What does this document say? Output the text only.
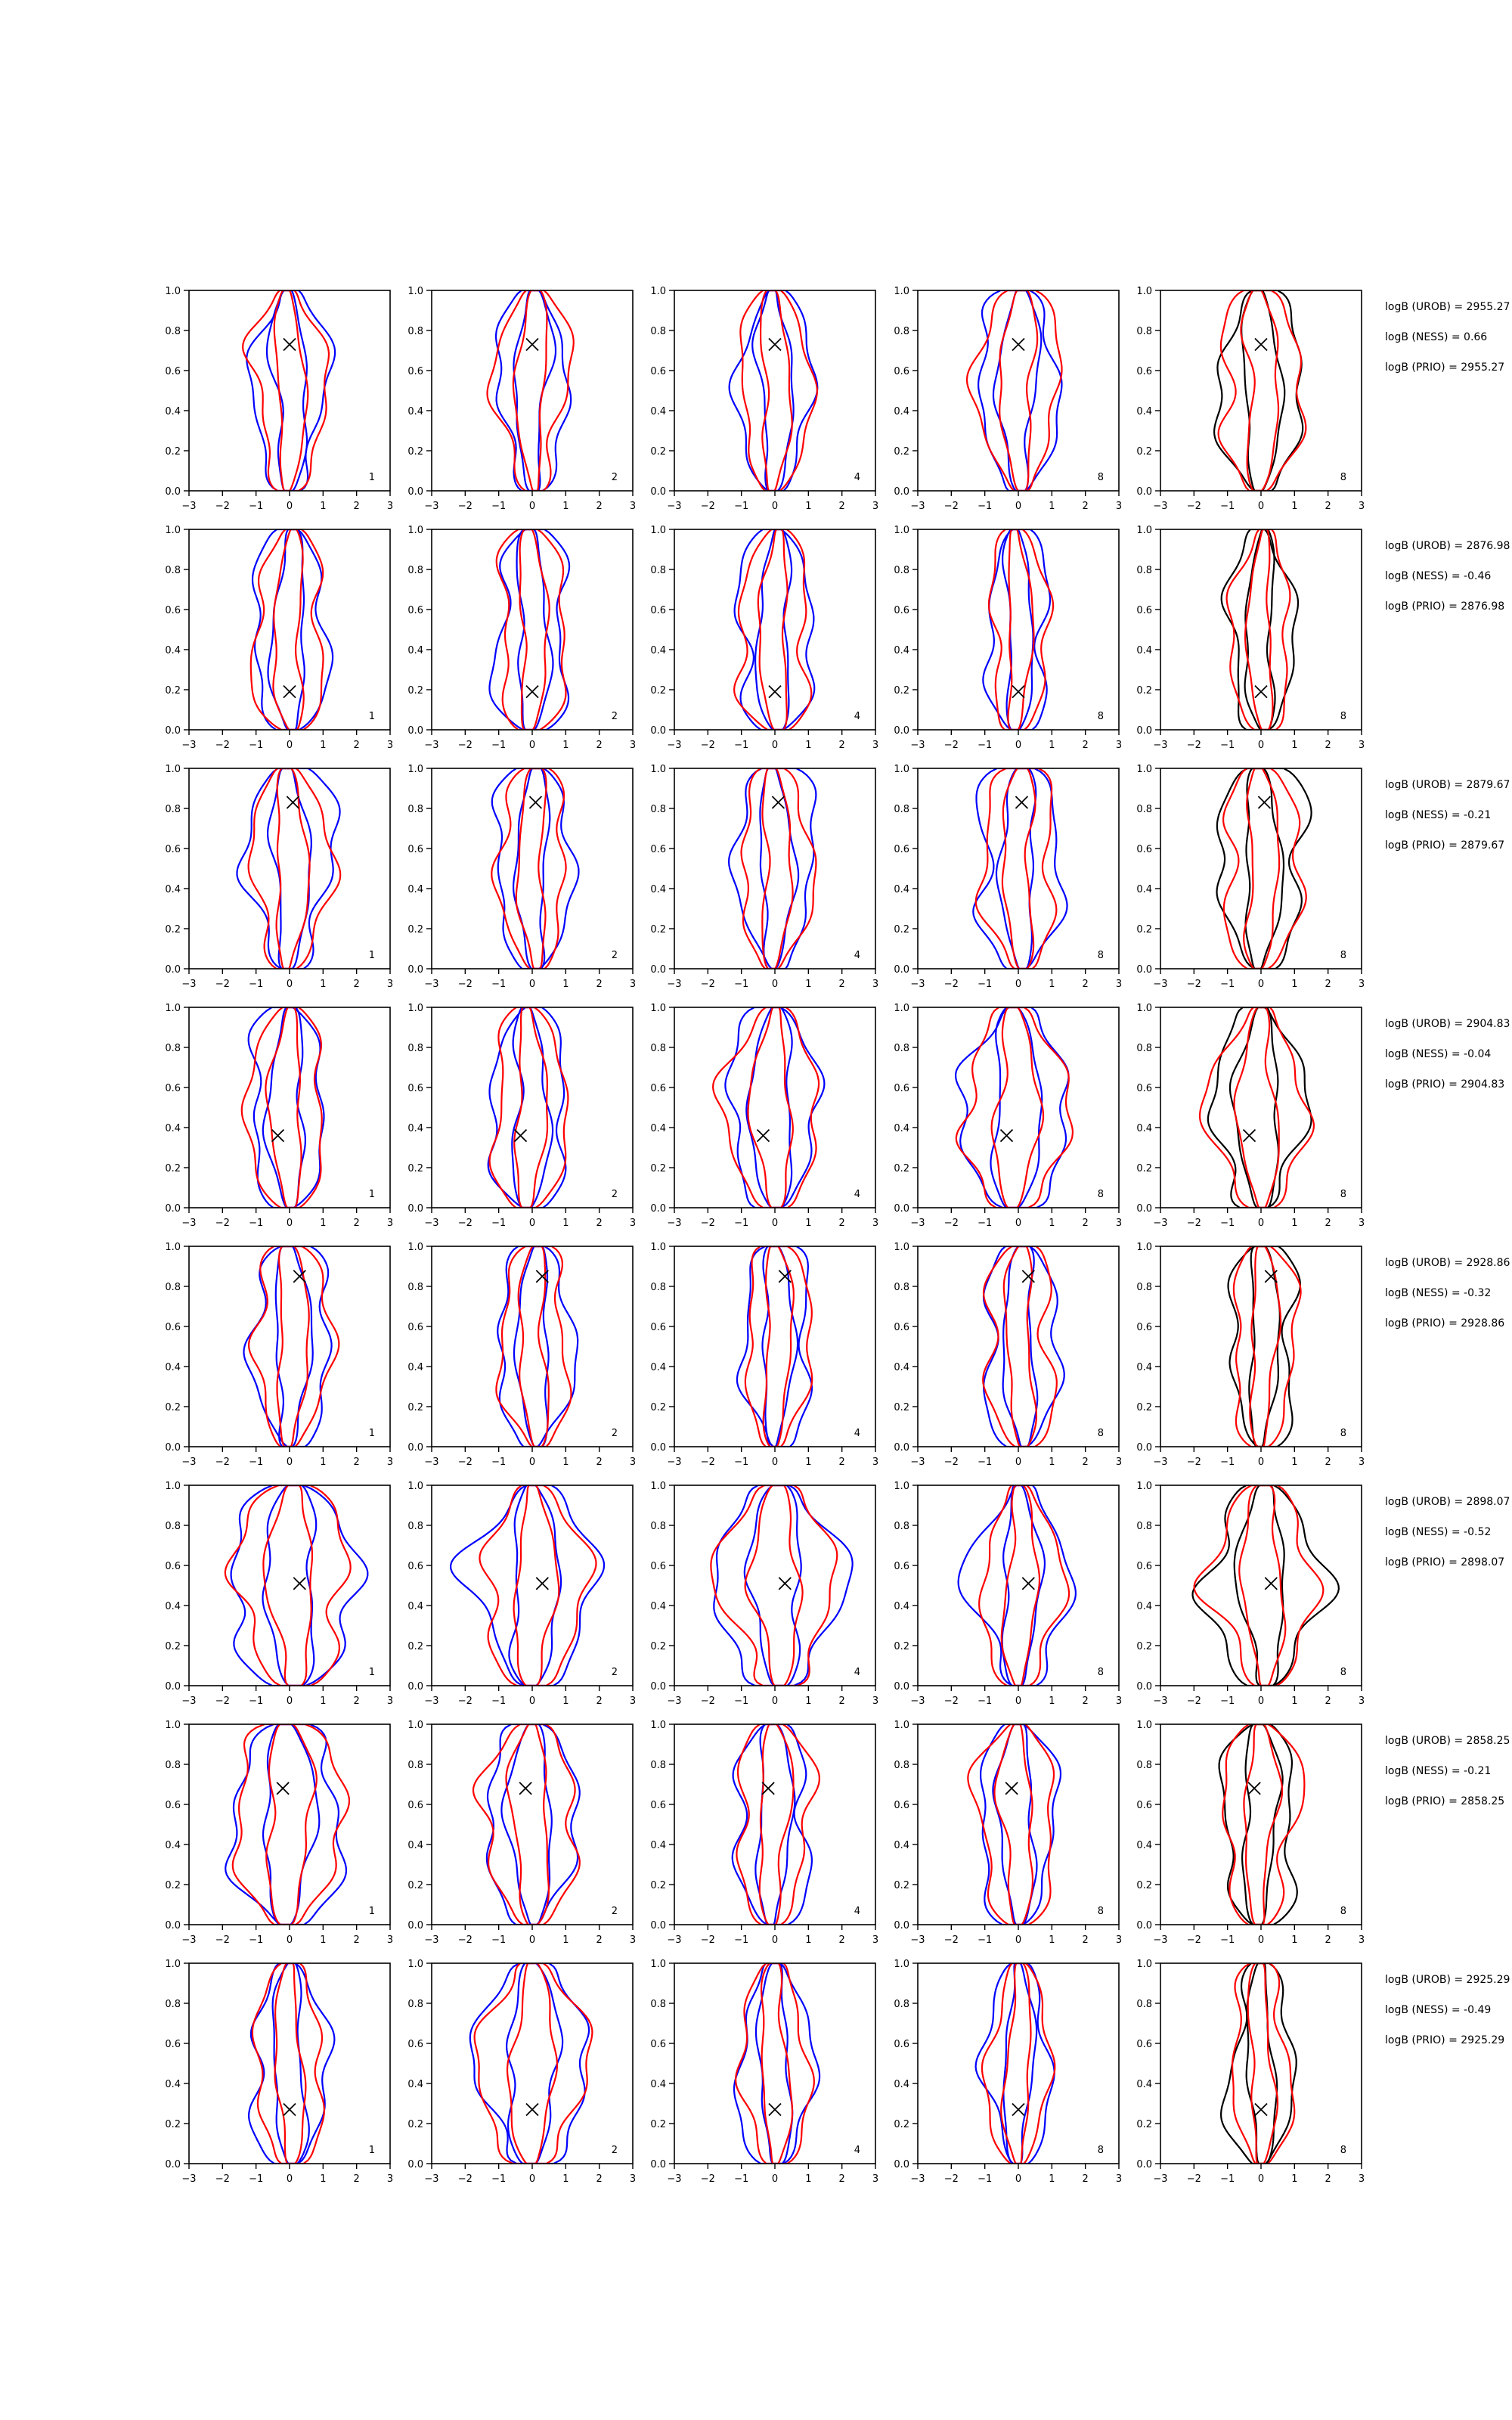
−3 −2 −1 0	1	2	3
0.0
0.2
0.4
0.6
0.8
1.0
1
−3 −2 −1 0	1	2	3
0.0
0.2
0.4
0.6
0.8
1.0
2
−3 −2 −1 0	1	2	3
0.0
0.2
0.4
0.6
0.8
1.0
4
−3 −2 −1 0	1	2	3
0.0
0.2
0.4
0.6
0.8
1.0
8
−3 −2 −1 0	1	2	3
0.0
0.2
0.4
0.6
0.8
1.0
8
logB (UROB) = 2955.27
logB (NESS) = 0.66
logB (PRIO) = 2955.27
−3 −2 −1 0	1	2	3
0.0
0.2
0.4
0.6
0.8
1.0
1
−3 −2 −1 0	1	2	3
0.0
0.2
0.4
0.6
0.8
1.0
2
−3 −2 −1 0	1	2	3
0.0
0.2
0.4
0.6
0.8
1.0
4
−3 −2 −1 0	1	2	3
0.0
0.2
0.4
0.6
0.8
1.0
8
−3 −2 −1 0	1	2	3
0.0
0.2
0.4
0.6
0.8
1.0
8
logB (UROB) = 2876.98
logB (NESS) = -0.46
logB (PRIO) = 2876.98
−3 −2 −1 0	1	2	3
0.0
0.2
0.4
0.6
0.8
1.0
1
−3 −2 −1 0	1	2	3
0.0
0.2
0.4
0.6
0.8
1.0
2
−3 −2 −1 0	1	2	3
0.0
0.2
0.4
0.6
0.8
1.0
4
−3 −2 −1 0	1	2	3
0.0
0.2
0.4
0.6
0.8
1.0
8
−3 −2 −1 0	1	2	3
0.0
0.2
0.4
0.6
0.8
1.0
8
logB (UROB) = 2879.67
logB (NESS) = -0.21
logB (PRIO) = 2879.67
−3 −2 −1 0	1	2	3
0.0
0.2
0.4
0.6
0.8
1.0
1
−3 −2 −1 0	1	2	3
0.0
0.2
0.4
0.6
0.8
1.0
2
−3 −2 −1 0	1	2	3
0.0
0.2
0.4
0.6
0.8
1.0
4
−3 −2 −1 0	1	2	3
0.0
0.2
0.4
0.6
0.8
1.0
8
−3 −2 −1 0	1	2	3
0.0
0.2
0.4
0.6
0.8
1.0
8
logB (UROB) = 2904.83
logB (NESS) = -0.04
logB (PRIO) = 2904.83
−3 −2 −1 0	1	2	3
0.0
0.2
0.4
0.6
0.8
1.0
1
−3 −2 −1 0	1	2	3
0.0
0.2
0.4
0.6
0.8
1.0
2
−3 −2 −1 0	1	2	3
0.0
0.2
0.4
0.6
0.8
1.0
4
−3 −2 −1 0	1	2	3
0.0
0.2
0.4
0.6
0.8
1.0
8
−3 −2 −1 0	1	2	3
0.0
0.2
0.4
0.6
0.8
1.0
8
logB (UROB) = 2928.86
logB (NESS) = -0.32
logB (PRIO) = 2928.86
−3 −2 −1 0	1	2	3
0.0
0.2
0.4
0.6
0.8
1.0
1
−3 −2 −1 0	1	2	3
0.0
0.2
0.4
0.6
0.8
1.0
2
−3 −2 −1 0	1	2	3
0.0
0.2
0.4
0.6
0.8
1.0
4
−3 −2 −1 0	1	2	3
0.0
0.2
0.4
0.6
0.8
1.0
8
−3 −2 −1 0	1	2	3
0.0
0.2
0.4
0.6
0.8
1.0
8
logB (UROB) = 2898.07
logB (NESS) = -0.52
logB (PRIO) = 2898.07
−3 −2 −1 0	1	2	3
0.0
0.2
0.4
0.6
0.8
1.0
1
−3 −2 −1 0	1	2	3
0.0
0.2
0.4
0.6
0.8
1.0
2
−3 −2 −1 0	1	2	3
0.0
0.2
0.4
0.6
0.8
1.0
4
−3 −2 −1 0	1	2	3
0.0
0.2
0.4
0.6
0.8
1.0
8
−3 −2 −1 0	1	2	3
0.0
0.2
0.4
0.6
0.8
1.0
8
logB (UROB) = 2858.25
logB (NESS) = -0.21
logB (PRIO) = 2858.25
−3 −2 −1 0	1	2	3
0.0
0.2
0.4
0.6
0.8
1.0
1
−3 −2 −1 0	1	2	3
0.0
0.2
0.4
0.6
0.8
1.0
2
−3 −2 −1 0	1	2	3
0.0
0.2
0.4
0.6
0.8
1.0
4
−3 −2 −1 0	1	2	3
0.0
0.2
0.4
0.6
0.8
1.0
8
−3 −2 −1 0	1	2	3
0.0
0.2
0.4
0.6
0.8
1.0
8
logB (UROB) = 2925.29
logB (NESS) = -0.49
logB (PRIO) = 2925.29
